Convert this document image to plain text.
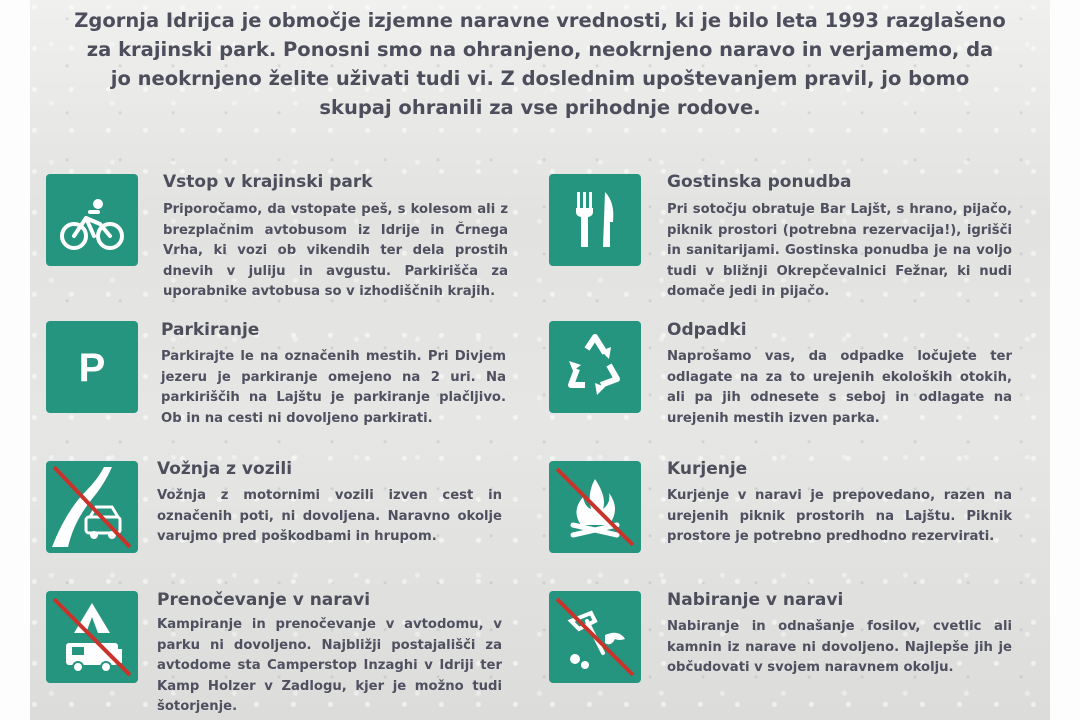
Zgornja Idrijca je območje izjemne naravne vrednosti, ki je bilo leta 1993 razglašeno
za krajinski park. Ponosni smo na ohranjeno, neokrnjeno naravo in verjamemo, da
jo neokrnjeno želite uživati tudi vi. Z doslednim upoštevanjem pravil, jo bomo
skupaj ohranili za vse prihodnje rodove.
Vstop v krajinski park
Priporočamo, da vstopate peš, s kolesom ali z brezplačnim avtobusom iz Idrije in Črnega Vrha, ki vozi ob vikendih ter dela prostih dnevih v juliju in avgustu. Parkirišča za uporabnike avtobusa so v izhodiščnih krajih.
Gostinska ponudba
Pri sotočju obratuje Bar Lajšt, s hrano, pijačo, piknik prostori (potrebna rezervacija!), igrišči in sanitarijami. Gostinska ponudba je na voljo tudi v bližnji Okrepčevalnici Fežnar, ki nudi domače jedi in pijačo.
P
Parkiranje
Parkirajte le na označenih mestih. Pri Divjem jezeru je parkiranje omejeno na 2 uri. Na parkiriščih na Lajštu je parkiranje plačljivo. Ob in na cesti ni dovoljeno parkirati.
Odpadki
Naprošamo vas, da odpadke ločujete ter odlagate na za to urejenih ekoloških otokih, ali pa jih odnesete s seboj in odlagate na urejenih mestih izven parka.
Vožnja z vozili
Vožnja z motornimi vozili izven cest in označenih poti, ni dovoljena. Naravno okolje varujmo pred poškodbami in hrupom.
Kurjenje
Kurjenje v naravi je prepovedano, razen na urejenih piknik prostorih na Lajštu. Piknik prostore je potrebno predhodno rezervirati.
Prenočevanje v naravi
Kampiranje in prenočevanje v avtodomu, v parku ni dovoljeno. Najbližji postajališči za avtodome sta Camperstop Inzaghi v Idriji ter Kamp Holzer v Zadlogu, kjer je možno tudi šotorjenje.
Nabiranje v naravi
Nabiranje in odnašanje fosilov, cvetlic ali kamnin iz narave ni dovoljeno. Najlepše jih je občudovati v svojem naravnem okolju.
